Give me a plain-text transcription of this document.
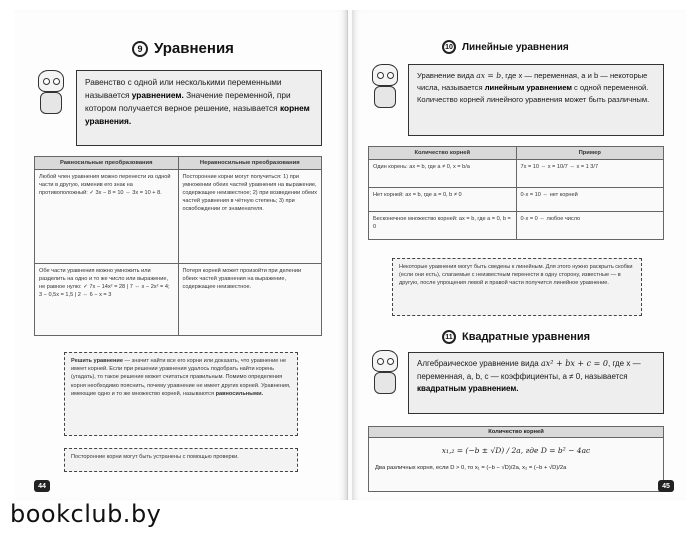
9 Уравнения
Равенство с одной или несколькими переменными называется уравнением. Значение переменной, при котором получается верное решение, называется корнем уравнения.
Равносильные преобразования	Неравносильные преобразования
Любой член уравнения можно перенести из одной части в другую, изменив его знак на противоположный: ✓ 3x − 8 = 10 ⇔ 3x = 10 + 8.	Посторонние корни могут получиться: 1) при умножении обеих частей уравнения на выражение, содержащее неизвестное; 2) при возведении обеих частей уравнения в чётную степень; 3) при освобождении от знаменателя.
Обе части уравнения можно умножить или разделить на одно и то же число или выражение, не равное нулю: ✓ 7x − 14x² = 28 | 7 ⇔ x − 2x² = 4; 3 − 0,5x = 1,5 | 2 ⇔ 6 − x = 3	Потеря корней может произойти при делении обеих частей уравнения на выражение, содержащее неизвестное.
Решить уравнение — значит найти все его корни или доказать, что уравнение не имеет корней. Если при решении уравнения удалось подобрать найти корень (угадать), то такое решение может считаться правильным. Помимо определения корня необходимо пояснить, почему уравнение не имеет других корней. Уравнения, имеющие одно и то же множество корней, называются равносильными.
Посторонние корни могут быть устранены с помощью проверки.
44
10 Линейные уравнения
Уравнение вида ax = b, где x — переменная, a и b — некоторые числа, называется линейным уравнением с одной переменной. Количество корней линейного уравнения может быть различным.
Количество корней	Пример
Один корень: ax = b, где a ≠ 0, x = b/a	7x = 10 ⇔ x = 10/7 ⇔ x = 1 3/7
Нет корней: ax = b, где a = 0, b ≠ 0	0·x = 10 ⇔ нет корней
Бесконечное множество корней: ax = b, где a = 0, b = 0	0·x = 0 ⇔ любое число
Некоторые уравнения могут быть сведены к линейным. Для этого нужно раскрыть скобки (если они есть), слагаемые с неизвестным перенести в одну сторону, известные — в другую, после упрощения левой и правой части получится линейное уравнение.
11 Квадратные уравнения
Алгебраическое уравнение вида ax² + bx + c = 0, где x — переменная, a, b, c — коэффициенты, a ≠ 0, называется квадратным уравнением.
Количество корней
x₁,₂ = (−b ± √D) / 2a, где D = b² − 4ac
Два различных корня, если D > 0, то x₁ = (−b − √D)/2a, x₂ = (−b + √D)/2a
45
bookclub.by
